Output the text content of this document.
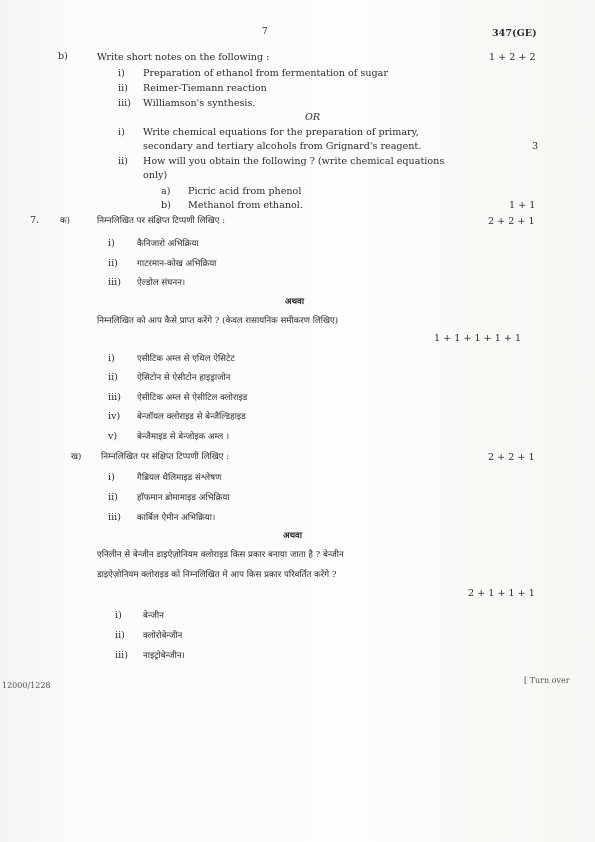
7	347(GE)
b)	Write short notes on the following :	1 + 2 + 2
i) Preparation of ethanol from fermentation of sugar
ii) Reimer-Tiemann reaction
iii) Williamson's synthesis.
OR
i) Write chemical equations for the preparation of primary,
secondary and tertiary alcohols from Grignard's reagent.	3
ii) How will you obtain the following ? (write chemical equations
only)
a) Picric acid from phenol
b) Methanol from ethanol.	1 + 1
7. क)	निम्नलिखित पर संक्षिप्त टिप्पणी लिखिए :	2 + 2 + 1
i)	कैनिजारो अभिक्रिया
ii) गाटरमान-कोख अभिक्रिया
iii) ऐल्डोल संघनन।
अथवा
निम्नलिखित को आप कैसे प्राप्त करेंगे ? (केवल रासायनिक समीकरण लिखिए)
1 + 1 + 1 + 1 + 1
i)	एसीटिक अम्ल से एथिल ऐसिटेट
ii) ऐसिटोन से ऐसीटोन हाइड्राजोन
iii) ऐसीटिक अम्ल से ऐसीटिल क्लोराइड
iv) बेन्जॉयल क्लोराइड से बेन्जैल्डिहाइड
v) बेन्जैमाइड से बेन्जोइक अम्ल ।
ख) निम्नलिखित पर संक्षिप्त टिप्पणी लिखिए :	2 + 2 + 1
i)	गैब्रियल थैलिमाइड संश्लेषण
ii) हॉफमान ब्रोमामाइड अभिक्रिया
iii) कार्बिल ऐमीन अभिक्रिया।
अथवा
एनिलीन से बेन्जीन डाइऐज़ोनियम क्लोराइड किस प्रकार बनाया जाता है ? बेन्जीन
डाइऐज़ोनियम क्लोराइड को निम्नलिखित में आप किस प्रकार परिवर्तित करेंगे ?
2 + 1 + 1 + 1
i) बेन्जीन
ii) क्लोरोबेन्जीन
iii) नाइट्रोबेन्जीन।
12000/1228
[ Turn over
